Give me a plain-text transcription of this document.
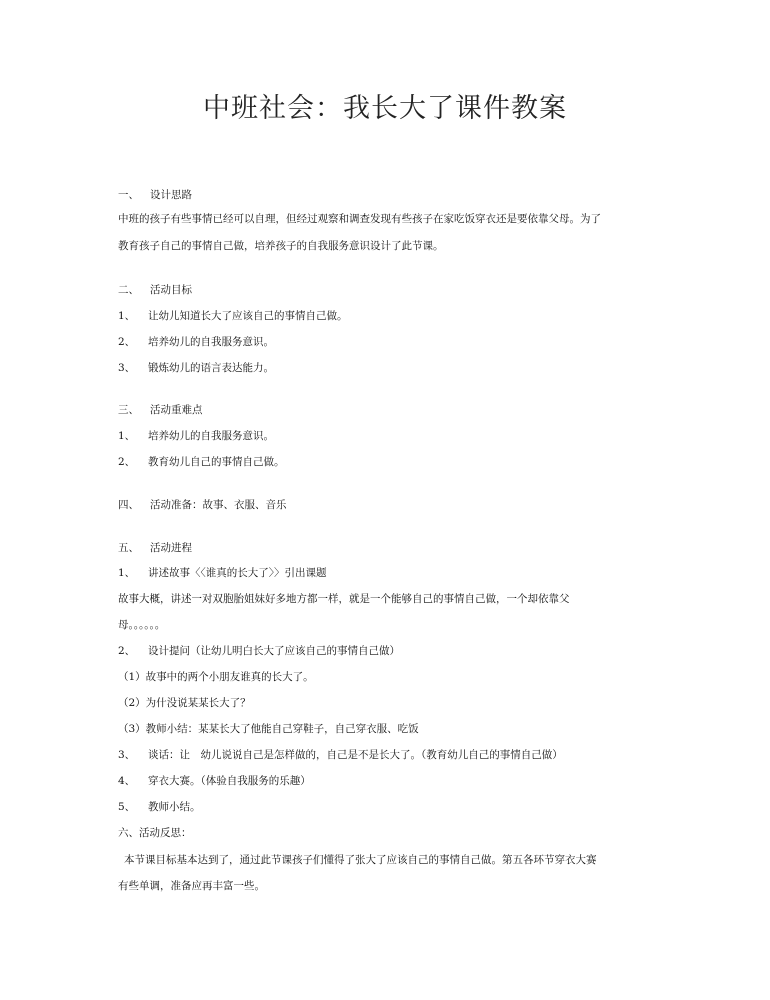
中班社会：我长大了课件教案
一、 设计思路
中班的孩子有些事情已经可以自理，但经过观察和调查发现有些孩子在家吃饭穿衣还是要依靠父母。为了
教育孩子自己的事情自己做，培养孩子的自我服务意识设计了此节课。
二、 活动目标
1、 让幼儿知道长大了应该自己的事情自己做。
2、 培养幼儿的自我服务意识。
3、 锻炼幼儿的语言表达能力。
三、 活动重难点
1、 培养幼儿的自我服务意识。
2、 教育幼儿自己的事情自己做。
四、 活动准备：故事、衣服、音乐
五、 活动进程
1、 讲述故事〈〈谁真的长大了〉〉引出课题
故事大概，讲述一对双胞胎姐妹好多地方都一样，就是一个能够自己的事情自己做，一个却依靠父
母。。。。。。
2、 设计提问（让幼儿明白长大了应该自己的事情自己做）
（1）故事中的两个小朋友谁真的长大了。
（2）为什没说某某长大了？
（3）教师小结：某某长大了他能自己穿鞋子，自己穿衣服、吃饭
3、 谈话：让　幼儿说说自己是怎样做的，自己是不是长大了。（教育幼儿自己的事情自己做）
4、 穿衣大赛。（体验自我服务的乐趣）
5、 教师小结。
六、活动反思：
本节课目标基本达到了，通过此节课孩子们懂得了张大了应该自己的事情自己做。第五各环节穿衣大赛
有些单调，准备应再丰富一些。
